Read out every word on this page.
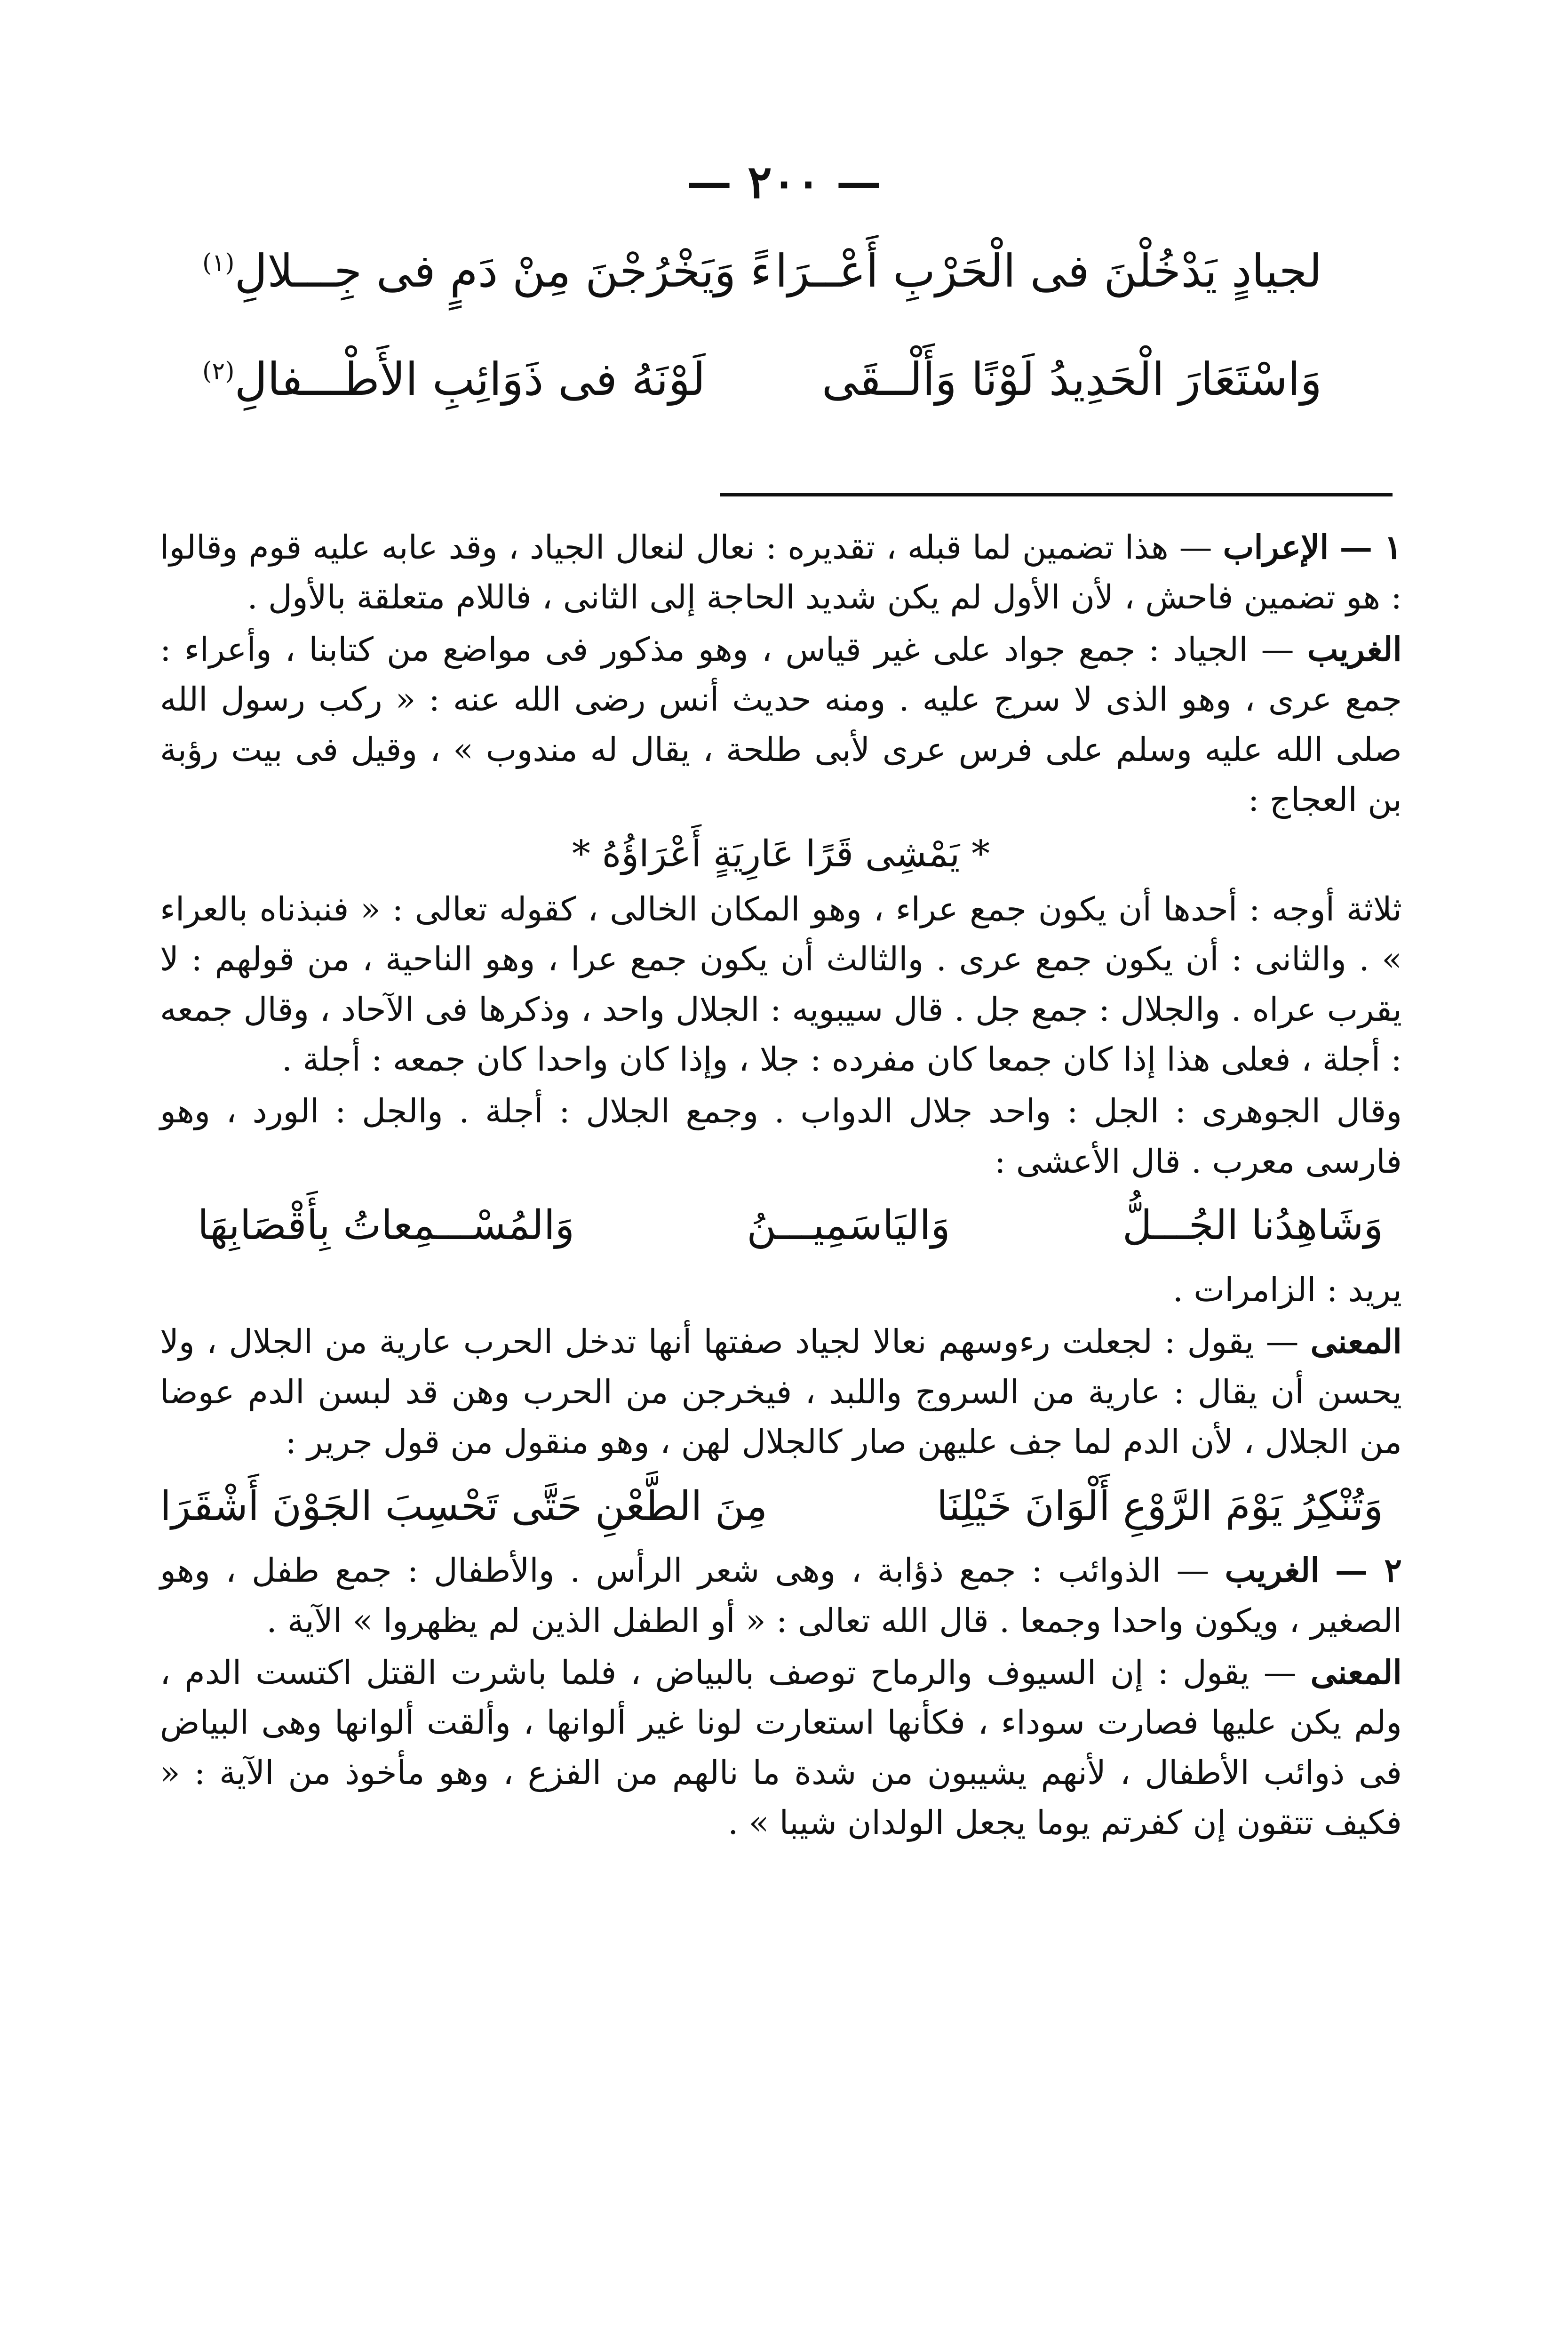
— ٢٠٠ —
لجيادٍ يَدْخُلْنَ فى الْحَرْبِ أَعْــرَا
ءً وَيَخْرُجْنَ مِنْ دَمٍ فى جِـــلالِ$^{(١)}$
وَاسْتَعَارَ الْحَدِيدُ لَوْنًا وَأَلْــقَى
لَوْنَهُ فى ذَوَائِبِ الأَطْـــفالِ$^{(٢)}$

١ — الإعراب — هذا تضمين لما قبله ، تقديره : نعال لنعال الجياد ، وقد عابه عليه قوم وقالوا : هو تضمين فاحش ، لأن الأول لم يكن شديد الحاجة إلى الثانى ، فاللام متعلقة بالأول .

الغريب — الجياد : جمع جواد على غير قياس ، وهو مذكور فى مواضع من كتابنا ، وأعراء : جمع عرى ، وهو الذى لا سرج عليه . ومنه حديث أنس رضى الله عنه : « ركب رسول الله صلى الله عليه وسلم على فرس عرى لأبى طلحة ، يقال له مندوب » ، وقيل فى بيت رؤبة بن العجاج :

* يَمْشِى قَرًا عَارِيَةٍ أَعْرَاؤُهُ *

ثلاثة أوجه : أحدها أن يكون جمع عراء ، وهو المكان الخالى ، كقوله تعالى : « فنبذناه بالعراء » . والثانى : أن يكون جمع عرى . والثالث أن يكون جمع عرا ، وهو الناحية ، من قولهم : لا يقرب عراه . والجلال : جمع جل . قال سيبويه : الجلال واحد ، وذكرها فى الآحاد ، وقال جمعه : أجلة ، فعلى هذا إذا كان جمعا كان مفرده : جلا ، وإذا كان واحدا كان جمعه : أجلة .

وقال الجوهرى : الجل : واحد جلال الدواب . وجمع الجلال : أجلة . والجل : الورد ، وهو فارسى معرب . قال الأعشى :

وَشَاهِدُنا الجُـــلُّ
وَاليَاسَمِيـــنُ
وَالمُسْـــمِعاتُ بِأَقْصَابِهَا

يريد : الزامرات .

المعنى — يقول : لجعلت رءوسهم نعالا لجياد صفتها أنها تدخل الحرب عارية من الجلال ، ولا يحسن أن يقال : عارية من السروج واللبد ، فيخرجن من الحرب وهن قد لبسن الدم عوضا من الجلال ، لأن الدم لما جف عليهن صار كالجلال لهن ، وهو منقول من قول جرير :

وَتُنْكِرُ يَوْمَ الرَّوْعِ أَلْوَانَ خَيْلِنَا
مِنَ الطَّعْنِ حَتَّى تَحْسِبَ الجَوْنَ أَشْقَرَا

٢ — الغريب — الذوائب : جمع ذؤابة ، وهى شعر الرأس . والأطفال : جمع طفل ، وهو الصغير ، ويكون واحدا وجمعا . قال الله تعالى : « أو الطفل الذين لم يظهروا » الآية .

المعنى — يقول : إن السيوف والرماح توصف بالبياض ، فلما باشرت القتل اكتست الدم ، ولم يكن عليها فصارت سوداء ، فكأنها استعارت لونا غير ألوانها ، وألقت ألوانها وهى البياض فى ذوائب الأطفال ، لأنهم يشيبون من شدة ما نالهم من الفزع ، وهو مأخوذ من الآية : « فكيف تتقون إن كفرتم يوما يجعل الولدان شيبا » .
